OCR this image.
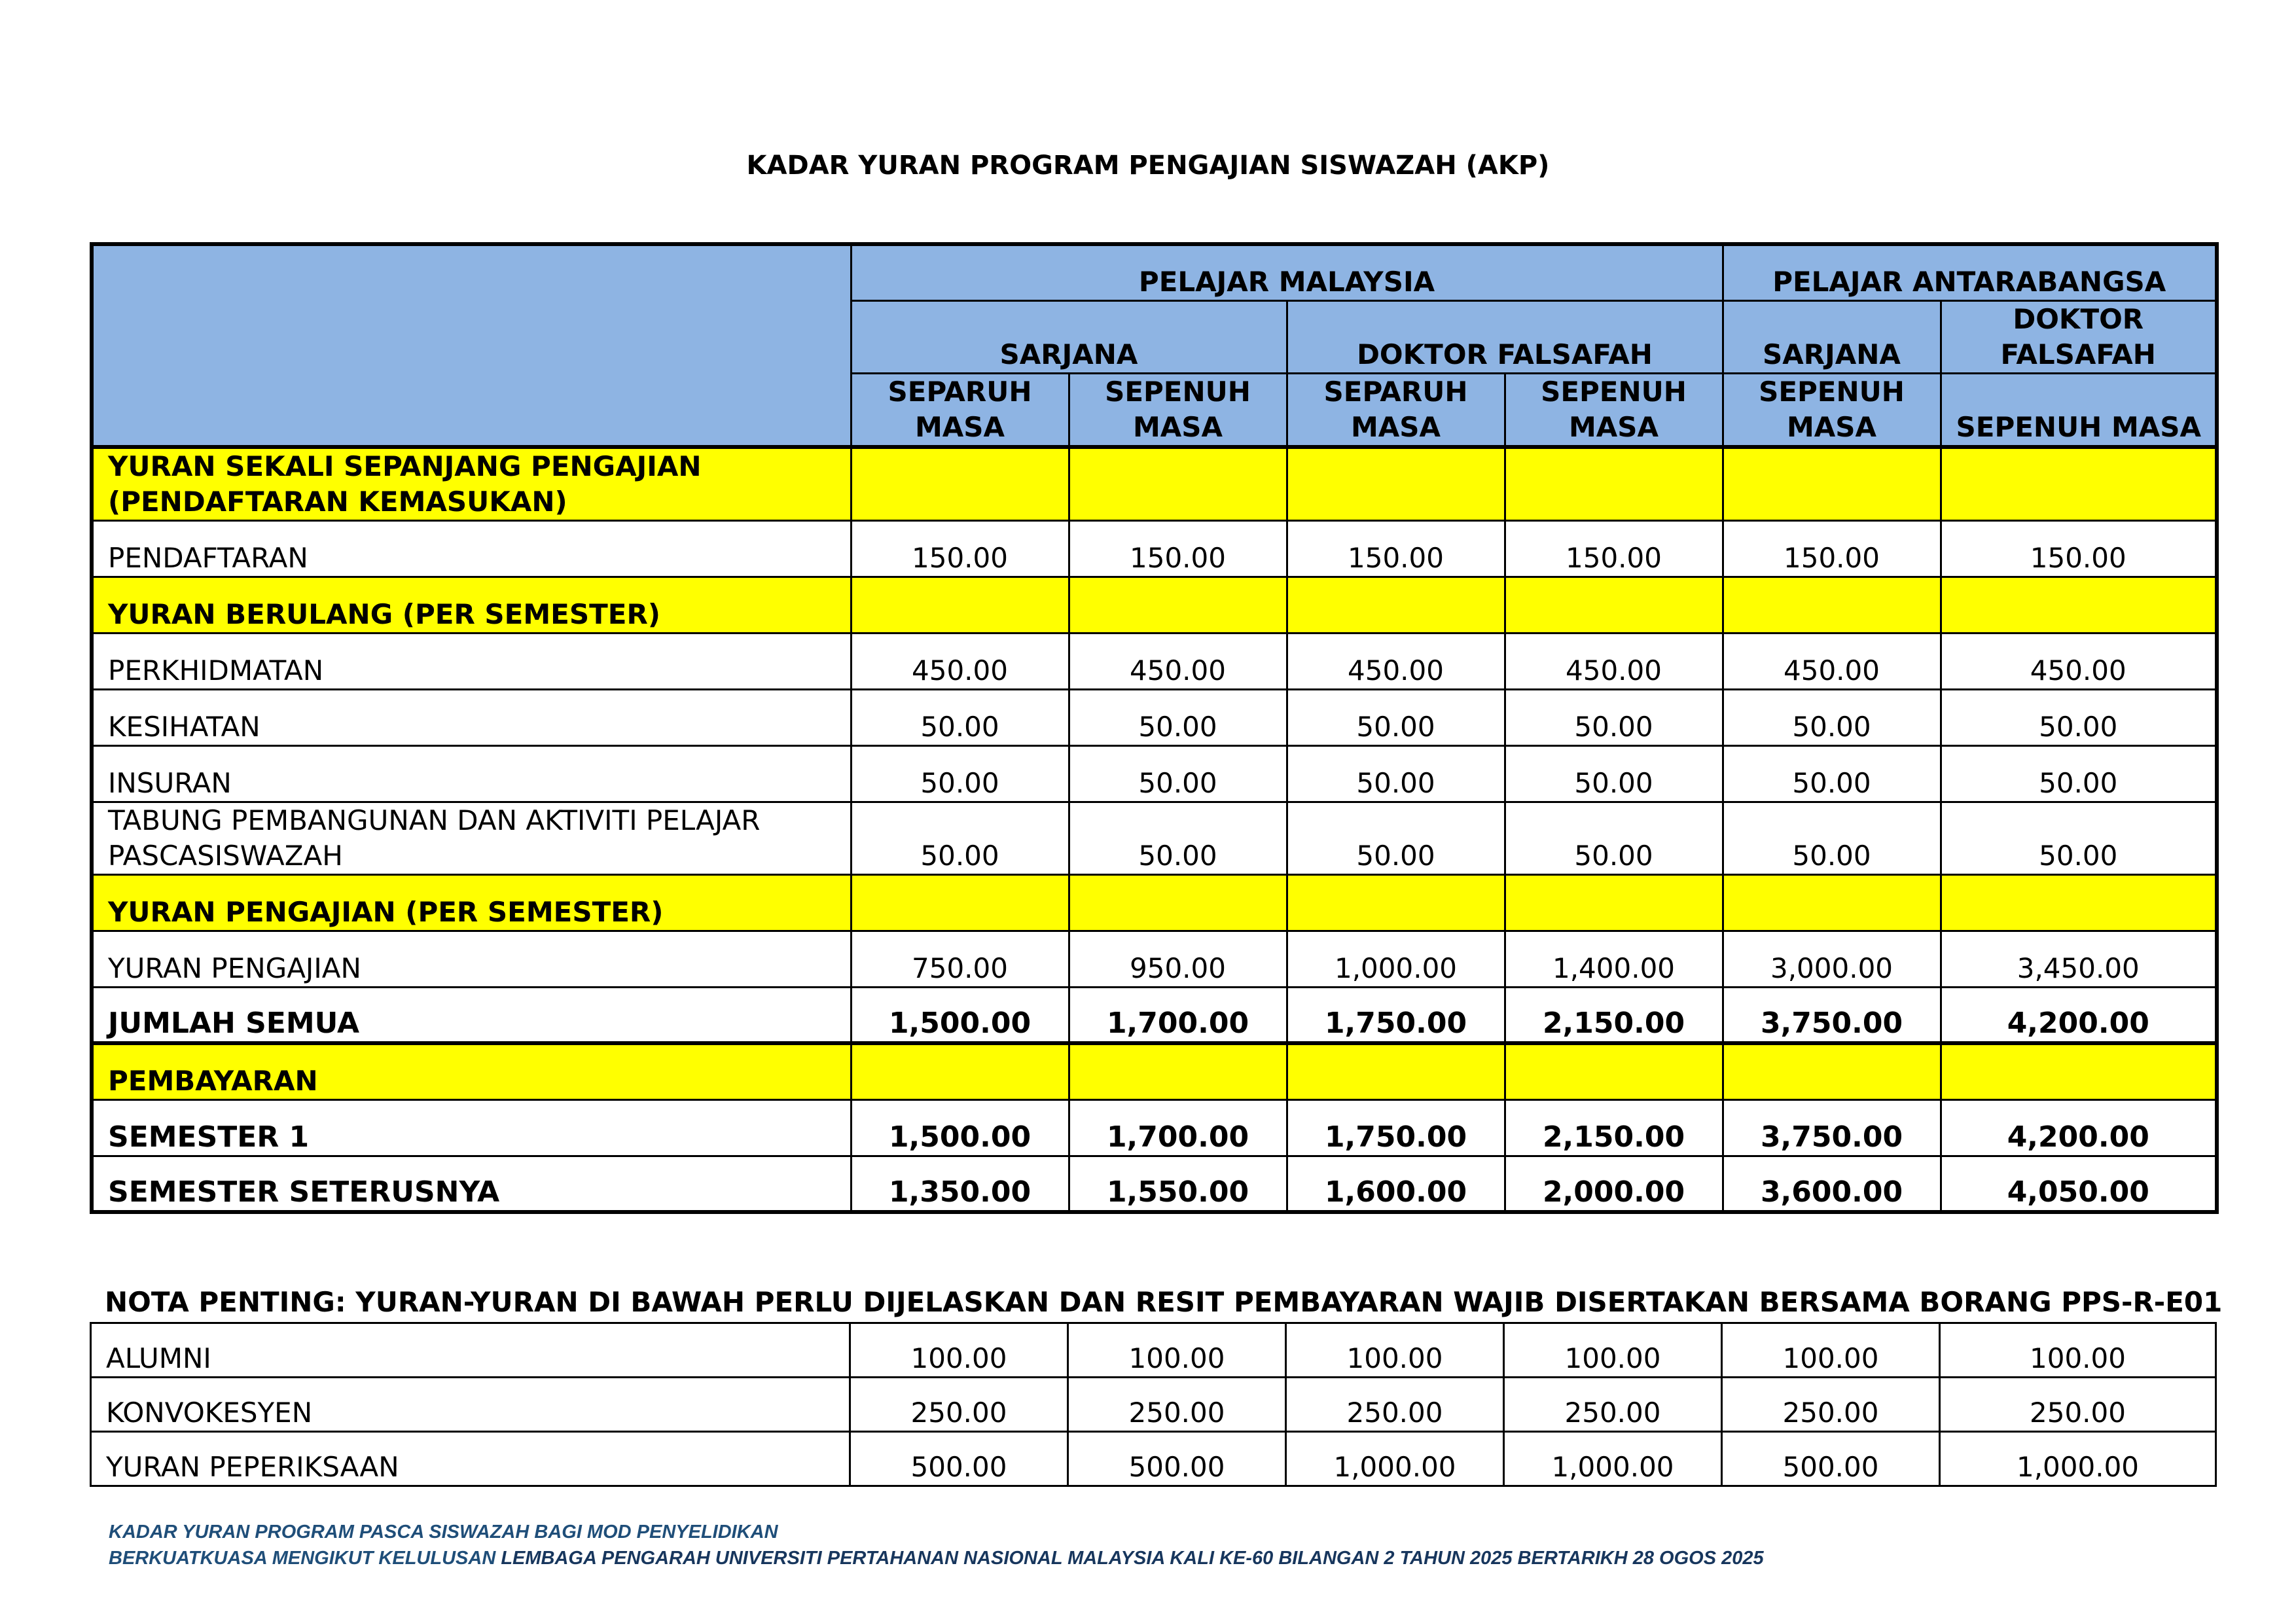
KADAR YURAN PROGRAM PENGAJIAN SISWAZAH (AKP)
	PELAJAR MALAYSIA				PELAJAR ANTARABANGSA	
	SARJANA		DOKTOR FALSAFAH		SARJANA	DOKTOR FALSAFAH
	SEPARUH MASA	SEPENUH MASA	SEPARUH MASA	SEPENUH MASA	SEPENUH MASA	SEPENUH MASA
YURAN SEKALI SEPANJANG PENGAJIAN (PENDAFTARAN KEMASUKAN)						
PENDAFTARAN	150.00	150.00	150.00	150.00	150.00	150.00
YURAN BERULANG (PER SEMESTER)						
PERKHIDMATAN	450.00	450.00	450.00	450.00	450.00	450.00
KESIHATAN	50.00	50.00	50.00	50.00	50.00	50.00
INSURAN	50.00	50.00	50.00	50.00	50.00	50.00
TABUNG PEMBANGUNAN DAN AKTIVITI PELAJAR PASCASISWAZAH	50.00	50.00	50.00	50.00	50.00	50.00
YURAN PENGAJIAN (PER SEMESTER)						
YURAN PENGAJIAN	750.00	950.00	1,000.00	1,400.00	3,000.00	3,450.00
JUMLAH SEMUA	1,500.00	1,700.00	1,750.00	2,150.00	3,750.00	4,200.00
PEMBAYARAN						
SEMESTER 1	1,500.00	1,700.00	1,750.00	2,150.00	3,750.00	4,200.00
SEMESTER SETERUSNYA	1,350.00	1,550.00	1,600.00	2,000.00	3,600.00	4,050.00
NOTA PENTING: YURAN-YURAN DI BAWAH PERLU DIJELASKAN DAN RESIT PEMBAYARAN WAJIB DISERTAKAN BERSAMA BORANG PPS-R-E01
ALUMNI	100.00	100.00	100.00	100.00	100.00	100.00
KONVOKESYEN	250.00	250.00	250.00	250.00	250.00	250.00
YURAN PEPERIKSAAN	500.00	500.00	1,000.00	1,000.00	500.00	1,000.00
KADAR YURAN PROGRAM PASCA SISWAZAH BAGI MOD PENYELIDIKAN
BERKUATKUASA MENGIKUT KELULUSAN LEMBAGA PENGARAH UNIVERSITI PERTAHANAN NASIONAL MALAYSIA KALI KE-60 BILANGAN 2 TAHUN 2025 BERTARIKH 28 OGOS 2025
